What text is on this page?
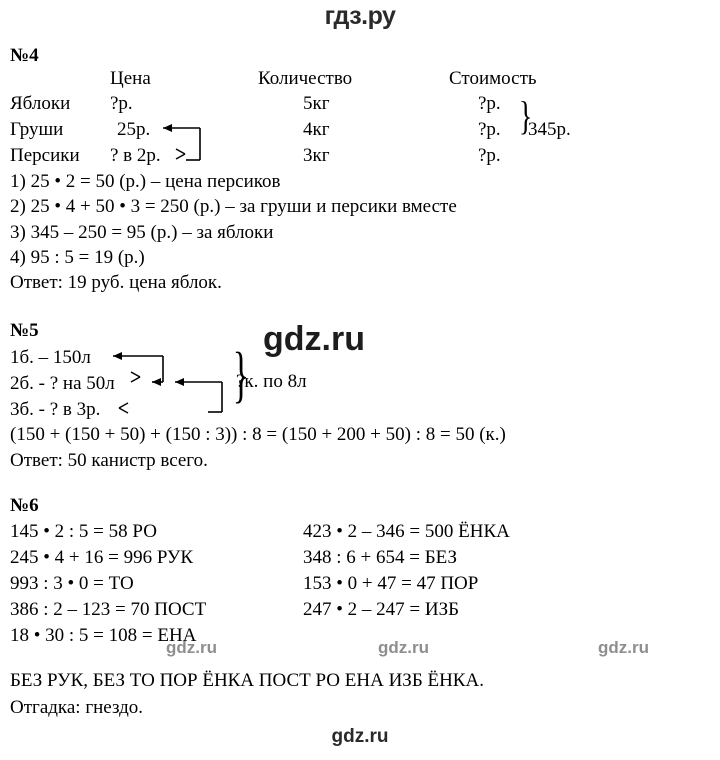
гдз.ру
№4
Цена	Количество	Стоимость
Яблоки ?р.	5кг	?р.
Груши	25р.	4кг	?р.
Персики ? в 2р.	3кг	?р.
}
345р.
1) 25 • 2 = 50 (р.) – цена персиков
2) 25 • 4 + 50 • 3 = 250 (р.) – за груши и персики вместе
3) 345 – 250 = 95 (р.) – за яблоки
4) 95 : 5 = 19 (р.)
Ответ: 19 руб. цена яблок.
№5
1б. – 150л
2б. - ? на 50л
3б. - ? в 3р.
}
?к. по 8л
(150 + (150 + 50) + (150 : 3)) : 8 = (150 + 200 + 50) : 8 = 50 (к.)
Ответ: 50 канистр всего.
№6
145 • 2 : 5 = 58 РО
245 • 4 + 16 = 996 РУК
993 : 3 • 0 = ТО
386 : 2 – 123 = 70 ПОСТ
18 • 30 : 5 = 108 = ЕНА
423 • 2 – 346 = 500 ЁНКА
348 : 6 + 654 = БЕЗ
153 • 0 + 47 = 47 ПОР
247 • 2 – 247 = ИЗБ
БЕЗ РУК, БЕЗ ТО ПОР ЁНКА ПОСТ РО ЕНА ИЗБ ЁНКА.
Отгадка: гнездо.
gdz.ru
gdz.ru	gdz.ru	gdz.ru
gdz.ru
